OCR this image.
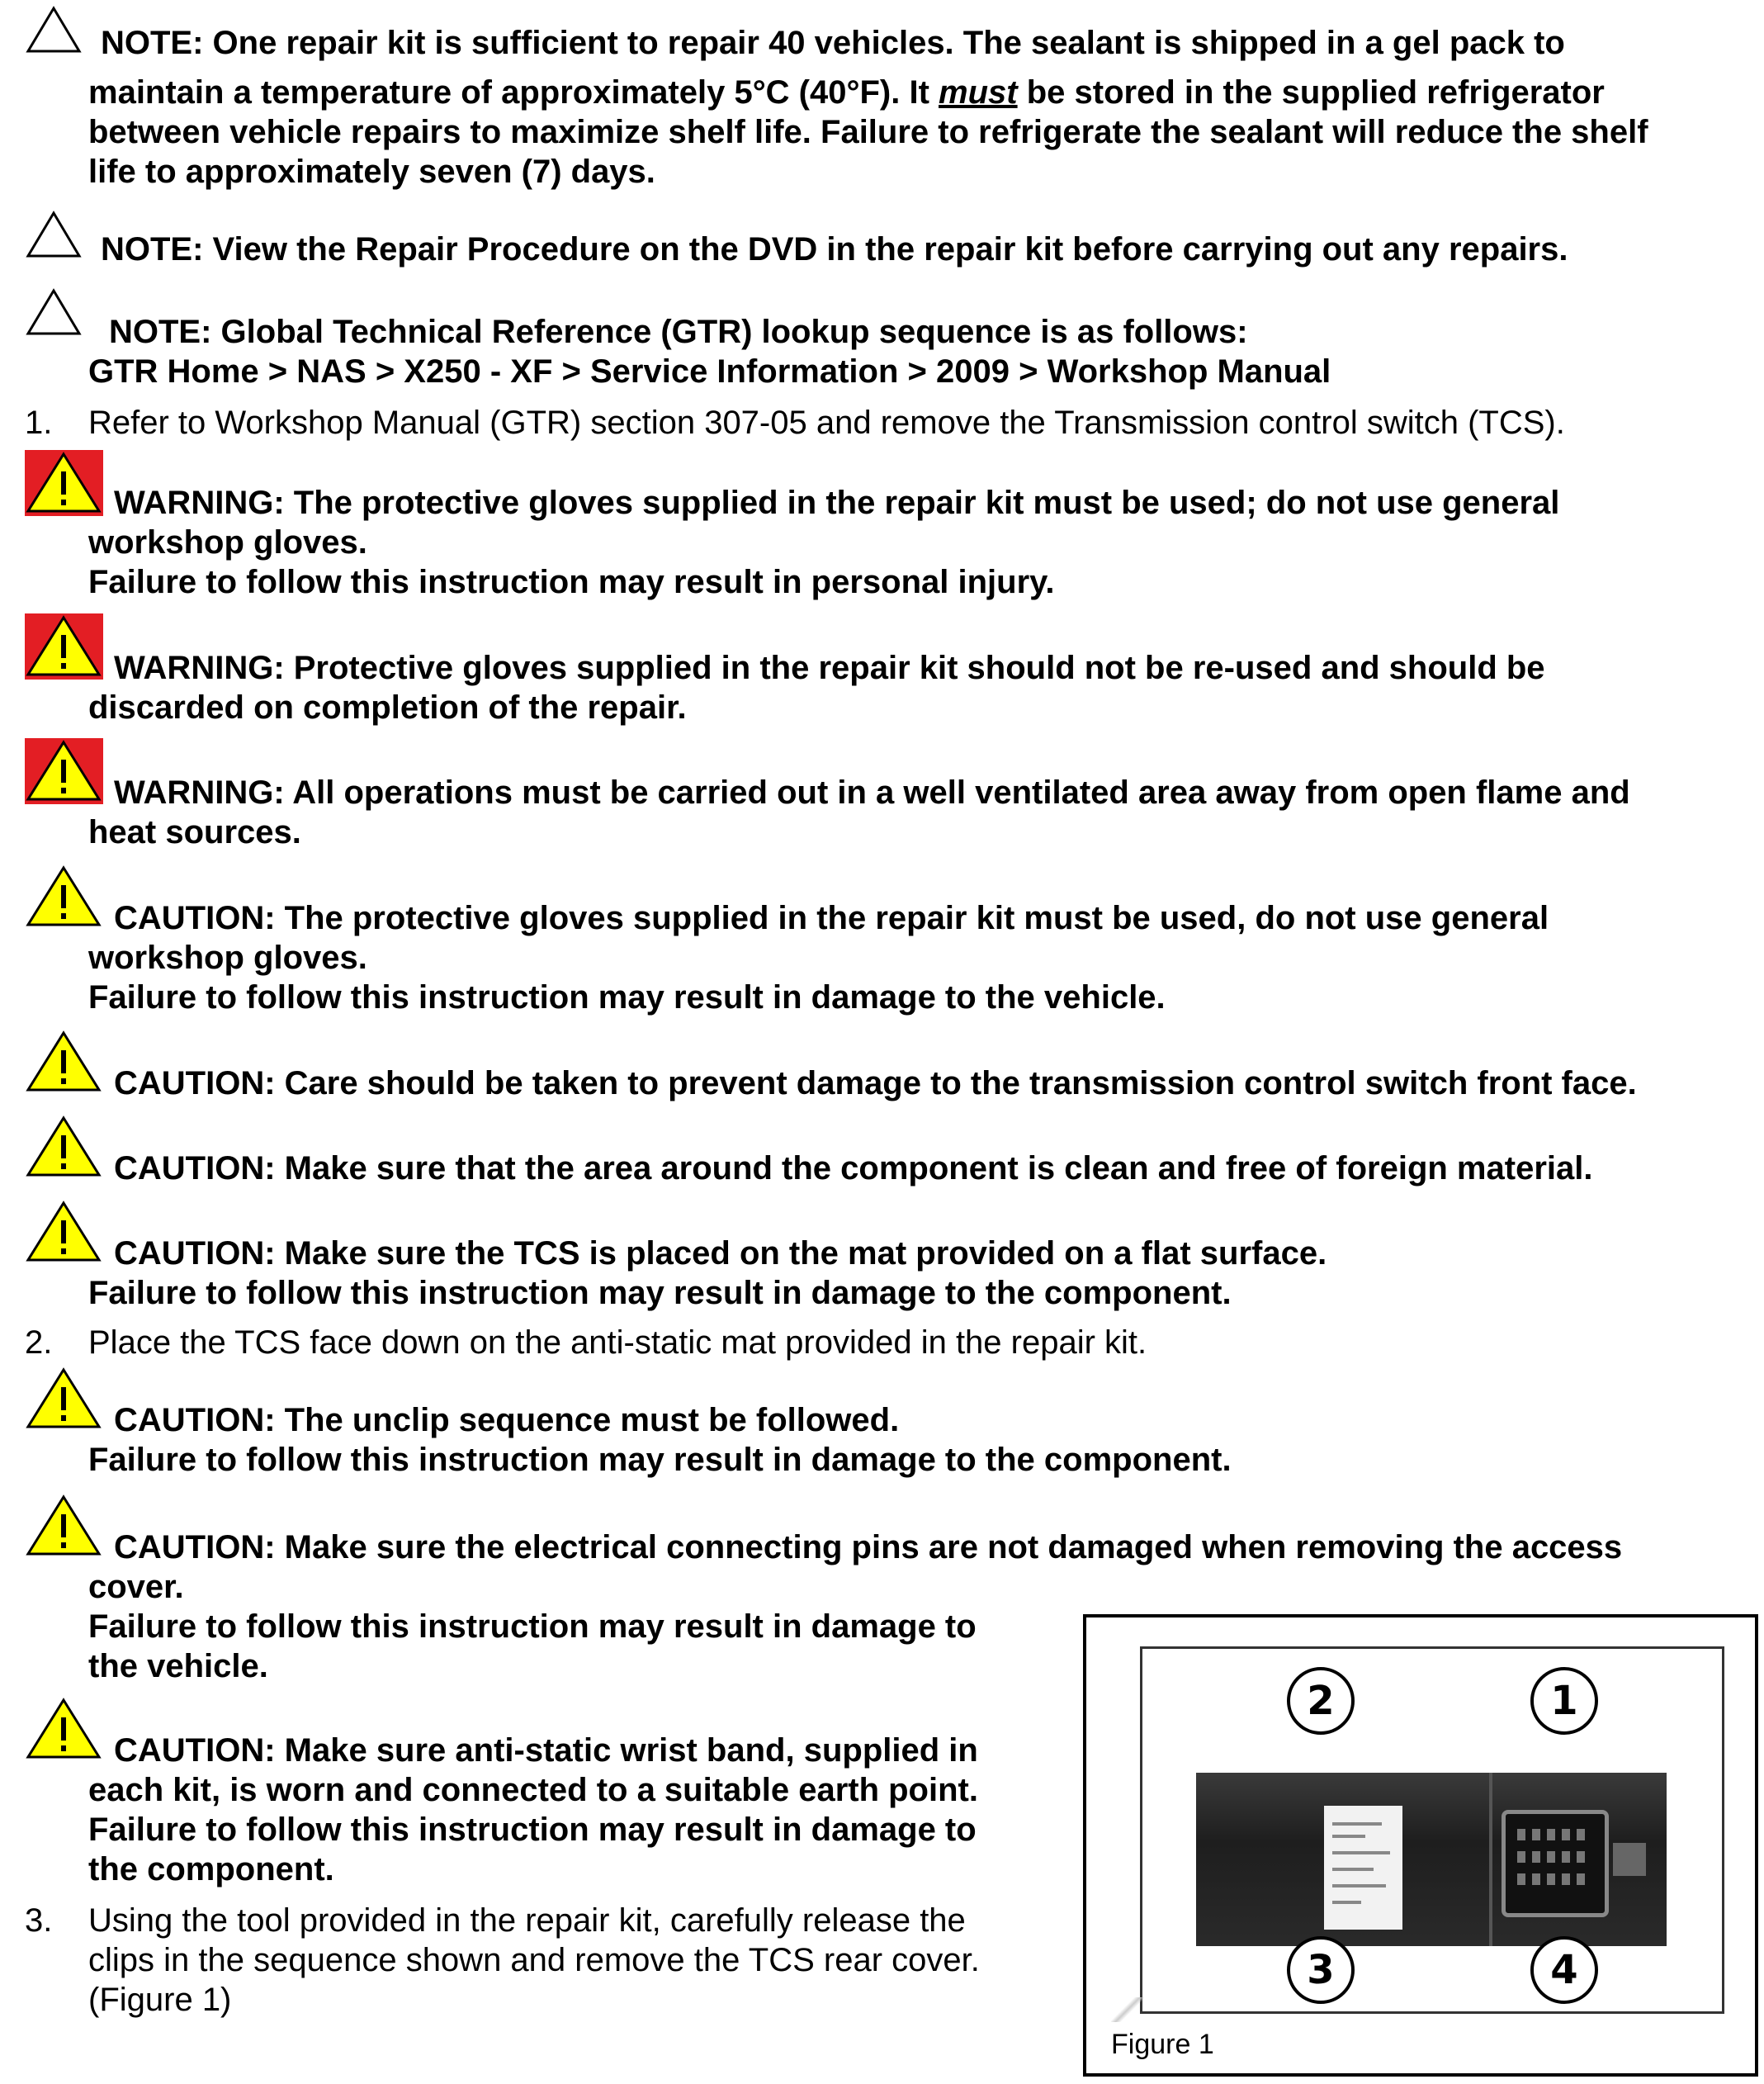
NOTE: One repair kit is sufficient to repair 40 vehicles. The sealant is shipped in a gel pack to
maintain a temperature of approximately 5°C (40°F). It must be stored in the supplied refrigerator
between vehicle repairs to maximize shelf life. Failure to refrigerate the sealant will reduce the shelf
life to approximately seven (7) days.
NOTE: View the Repair Procedure on the DVD in the repair kit before carrying out any repairs.
NOTE: Global Technical Reference (GTR) lookup sequence is as follows:
GTR Home > NAS > X250 - XF > Service Information > 2009 > Workshop Manual
1.	Refer to Workshop Manual (GTR) section 307-05 and remove the Transmission control switch (TCS).
WARNING: The protective gloves supplied in the repair kit must be used; do not use general
workshop gloves.
Failure to follow this instruction may result in personal injury.
WARNING: Protective gloves supplied in the repair kit should not be re-used and should be
discarded on completion of the repair.
WARNING: All operations must be carried out in a well ventilated area away from open flame and
heat sources.
CAUTION: The protective gloves supplied in the repair kit must be used, do not use general
workshop gloves.
Failure to follow this instruction may result in damage to the vehicle.
CAUTION: Care should be taken to prevent damage to the transmission control switch front face.
CAUTION: Make sure that the area around the component is clean and free of foreign material.
CAUTION: Make sure the TCS is placed on the mat provided on a flat surface.
Failure to follow this instruction may result in damage to the component.
2.	Place the TCS face down on the anti-static mat provided in the repair kit.
CAUTION: The unclip sequence must be followed.
Failure to follow this instruction may result in damage to the component.
CAUTION: Make sure the electrical connecting pins are not damaged when removing the access
cover.
Failure to follow this instruction may result in damage to
the vehicle.
CAUTION: Make sure anti-static wrist band, supplied in
each kit, is worn and connected to a suitable earth point.
Failure to follow this instruction may result in damage to
the component.
3.	Using the tool provided in the repair kit, carefully release the
clips in the sequence shown and remove the TCS rear cover.
(Figure 1)
2	1
3	4
Figure 1
